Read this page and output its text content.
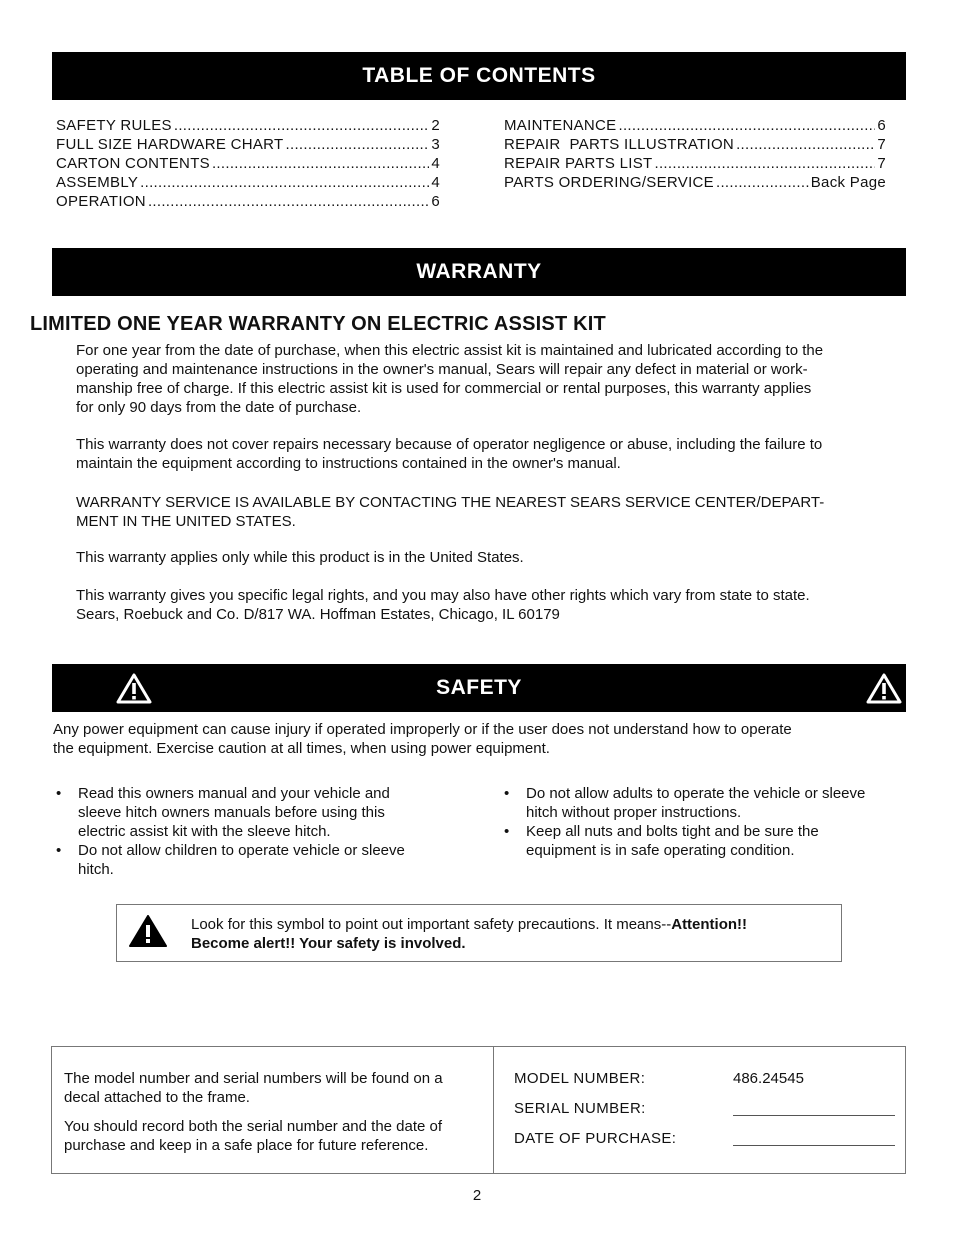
TABLE OF CONTENTS
SAFETY RULES .....	2
FULL SIZE HARDWARE CHART .....	3
CARTON CONTENTS .....	4
ASSEMBLY .....	4
OPERATION .....	6
MAINTENANCE .....	6
REPAIR  PARTS ILLUSTRATION .....	7
REPAIR PARTS LIST .....	7
PARTS ORDERING/SERVICE .....	Back Page
WARRANTY
LIMITED ONE YEAR WARRANTY ON ELECTRIC ASSIST KIT
For one year from the date of purchase, when this electric assist kit is maintained and lubricated according to the
operating and maintenance instructions in the owner's manual, Sears will repair any defect in material or work-
manship free of charge. If this electric assist kit is used for commercial or rental purposes, this warranty applies
for only 90 days from the date of purchase.
This warranty does not cover repairs necessary because of operator negligence or abuse, including the failure to
maintain the equipment according to instructions contained in the owner's manual.
WARRANTY SERVICE IS AVAILABLE BY CONTACTING THE NEAREST SEARS SERVICE CENTER/DEPART-
MENT IN THE UNITED STATES.
This warranty applies only while this product is in the United States.
This warranty gives you specific legal rights, and you may also have other rights which vary from state to state.
Sears, Roebuck and Co. D/817 WA. Hoffman Estates, Chicago, IL 60179
SAFETY
Any power equipment can cause injury if operated improperly or if the user does not understand how to operate
the equipment. Exercise caution at all times, when using power equipment.
• Read this owners manual and your vehicle and
sleeve hitch owners manuals before using this
electric assist kit with the sleeve hitch.
• Do not allow children to operate vehicle or sleeve
hitch.
• Do not allow adults to operate the vehicle or sleeve
hitch without proper instructions.
• Keep all nuts and bolts tight and be sure the
equipment is in safe operating condition.
Look for this symbol to point out important safety precautions. It means--Attention!!
Become alert!! Your safety is involved.
The model number and serial numbers will be found on a
decal attached to the frame.
You should record both the serial number and the date of
purchase and keep in a safe place for future reference.
MODEL NUMBER:	486.24545
SERIAL NUMBER:
DATE OF PURCHASE:
2
